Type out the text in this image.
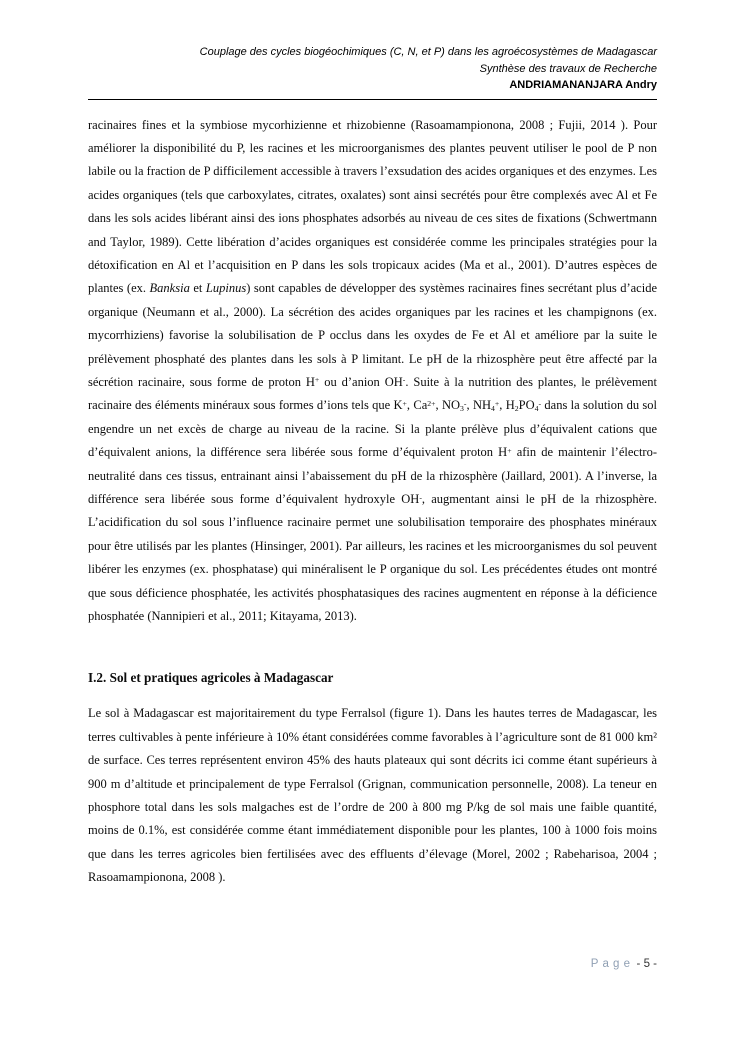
Couplage des cycles biogéochimiques (C, N, et P) dans les agroécosystèmes de Madagascar
Synthèse des travaux de Recherche
ANDRIAMANANJARA Andry

racinaires fines et la symbiose mycorhizienne et rhizobienne (Rasoamampionona, 2008 ; Fujii, 2014 ). Pour améliorer la disponibilité du P, les racines et les microorganismes des plantes peuvent utiliser le pool de P non labile ou la fraction de P difficilement accessible à travers l’exsudation des acides organiques et des enzymes. Les acides organiques (tels que carboxylates, citrates, oxalates) sont ainsi secrétés pour être complexés avec Al et Fe dans les sols acides libérant ainsi des ions phosphates adsorbés au niveau de ces sites de fixations (Schwertmann and Taylor, 1989). Cette libération d’acides organiques est considérée comme les principales stratégies pour la détoxification en Al et l’acquisition en P dans les sols tropicaux acides (Ma et al., 2001). D’autres espèces de plantes (ex. Banksia et Lupinus) sont capables de développer des systèmes racinaires fines secrétant plus d’acide organique (Neumann et al., 2000). La sécrétion des acides organiques par les racines et les champignons (ex. mycorrhiziens) favorise la solubilisation de P occlus dans les oxydes de Fe et Al et améliore par la suite le prélèvement phosphaté des plantes dans les sols à P limitant. Le pH de la rhizosphère peut être affecté par la sécrétion racinaire, sous forme de proton H+ ou d’anion OH-. Suite à la nutrition des plantes, le prélèvement racinaire des éléments minéraux sous formes d’ions tels que K+, $Ca^{2+}$, $NO_3^-$, $NH_4^+$, $H_2PO_4^-$ dans la solution du sol engendre un net excès de charge au niveau de la racine. Si la plante prélève plus d’équivalent cations que d’équivalent anions, la différence sera libérée sous forme d’équivalent proton H+ afin de maintenir l’électro-neutralité dans ces tissus, entrainant ainsi l’abaissement du pH de la rhizosphère (Jaillard, 2001). A l’inverse, la différence sera libérée sous forme d’équivalent hydroxyle OH-, augmentant ainsi le pH de la rhizosphère. L’acidification du sol sous l’influence racinaire permet une solubilisation temporaire des phosphates minéraux pour être utilisés par les plantes (Hinsinger, 2001). Par ailleurs, les racines et les microorganismes du sol peuvent libérer les enzymes (ex. phosphatase) qui minéralisent le P organique du sol. Les précédentes études ont montré que sous déficience phosphatée, les activités phosphatasiques des racines augmentent en réponse à la déficience phosphatée (Nannipieri et al., 2011; Kitayama, 2013).

I.2. Sol et pratiques agricoles à Madagascar

Le sol à Madagascar est majoritairement du type Ferralsol (figure 1). Dans les hautes terres de Madagascar, les terres cultivables à pente inférieure à 10% étant considérées comme favorables à l’agriculture sont de 81 000 km² de surface. Ces terres représentent environ 45% des hauts plateaux qui sont décrits ici comme étant supérieurs à 900 m d’altitude et principalement de type Ferralsol (Grignan, communication personnelle, 2008). La teneur en phosphore total dans les sols malgaches est de l’ordre de 200 à 800 mg P/kg de sol mais une faible quantité, moins de 0.1%, est considérée comme étant immédiatement disponible pour les plantes, 100 à 1000 fois moins que dans les terres agricoles bien fertilisées avec des effluents d’élevage (Morel, 2002 ; Rabeharisoa, 2004 ; Rasoamampionona, 2008 ).

P a g e - 5 -
